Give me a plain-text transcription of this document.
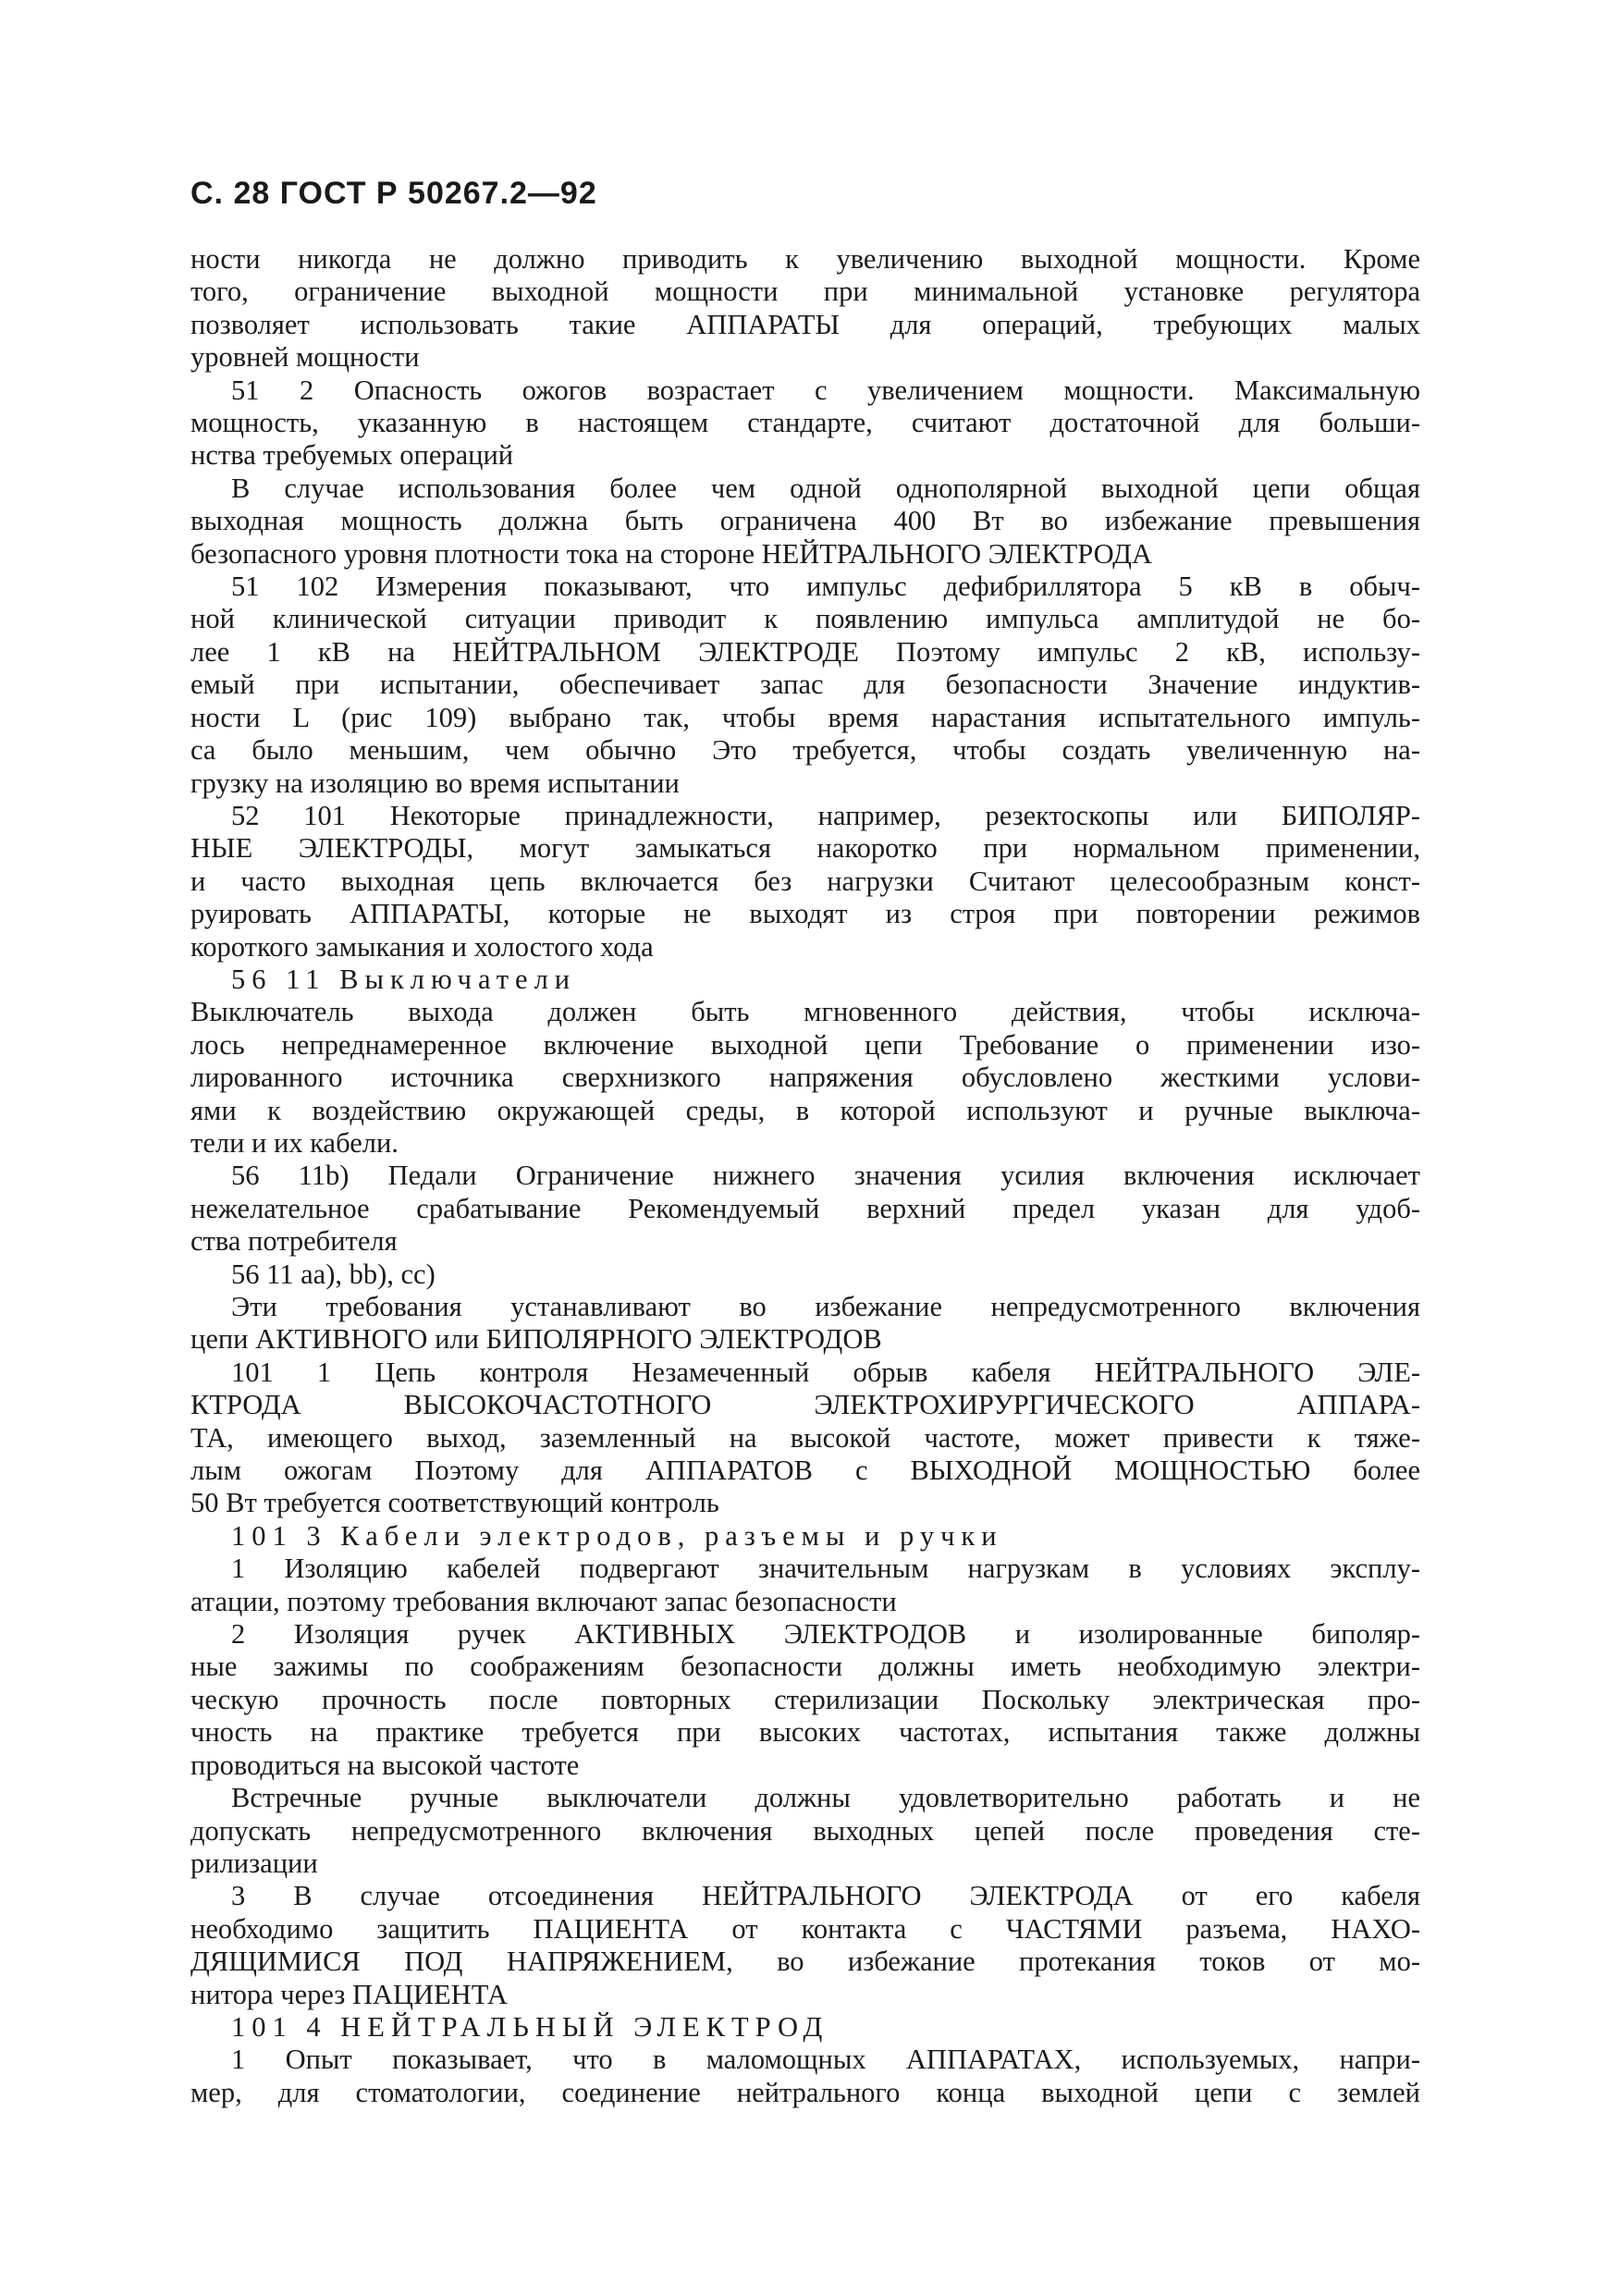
С. 28 ГОСТ Р 50267.2—92
ности никогда не должно приводить к увеличению выходной мощности. Кроме
того, ограничение выходной мощности при минимальной установке регулятора
позволяет использовать такие АППАРАТЫ для операций, требующих малых
уровней мощности
51 2 Опасность ожогов возрастает с увеличением мощности. Максимальную
мощность, указанную в настоящем стандарте, считают достаточной для больши-
нства требуемых операций
В случае использования более чем одной однополярной выходной цепи общая
выходная мощность должна быть ограничена 400 Вт во избежание превышения
безопасного уровня плотности тока на стороне НЕЙТРАЛЬНОГО ЭЛЕКТРОДА
51 102 Измерения показывают, что импульс дефибриллятора 5 кВ в обыч-
ной клинической ситуации приводит к появлению импульса амплитудой не бо-
лее 1 кВ на НЕЙТРАЛЬНОМ ЭЛЕКТРОДЕ Поэтому импульс 2 кВ, использу-
емый при испытании, обеспечивает запас для безопасности Значение индуктив-
ности L (рис 109) выбрано так, чтобы время нарастания испытательного импуль-
са было меньшим, чем обычно Это требуется, чтобы создать увеличенную на-
грузку на изоляцию во время испытании
52 101 Некоторые принадлежности, например, резектоскопы или БИПОЛЯР-
НЫЕ ЭЛЕКТРОДЫ, могут замыкаться накоротко при нормальном применении,
и часто выходная цепь включается без нагрузки Считают целесообразным конст-
руировать АППАРАТЫ, которые не выходят из строя при повторении режимов
короткого замыкания и холостого хода
56 11 Выключатели
Выключатель выхода должен быть мгновенного действия, чтобы исключа-
лось непреднамеренное включение выходной цепи Требование о применении изо-
лированного источника сверхнизкого напряжения обусловлено жесткими услови-
ями к воздействию окружающей среды, в которой используют и ручные выключа-
тели и их кабели.
56 11b) Педали Ограничение нижнего значения усилия включения исключает
нежелательное срабатывание Рекомендуемый верхний предел указан для удоб-
ства потребителя
56 11 aa), bb), cc)
Эти требования устанавливают во избежание непредусмотренного включения
цепи АКТИВНОГО или БИПОЛЯРНОГО ЭЛЕКТРОДОВ
101 1 Цепь контроля Незамеченный обрыв кабеля НЕЙТРАЛЬНОГО ЭЛЕ-
КТРОДА ВЫСОКОЧАСТОТНОГО ЭЛЕКТРОХИРУРГИЧЕСКОГО АППАРА-
ТА, имеющего выход, заземленный на высокой частоте, может привести к тяже-
лым ожогам Поэтому для АППАРАТОВ с ВЫХОДНОЙ МОЩНОСТЬЮ более
50 Вт требуется соответствующий контроль
101 3 Кабели электродов, разъемы и ручки
1 Изоляцию кабелей подвергают значительным нагрузкам в условиях эксплу-
атации, поэтому требования включают запас безопасности
2 Изоляция ручек АКТИВНЫХ ЭЛЕКТРОДОВ и изолированные биполяр-
ные зажимы по соображениям безопасности должны иметь необходимую электри-
ческую прочность после повторных стерилизации Поскольку электрическая про-
чность на практике требуется при высоких частотах, испытания также должны
проводиться на высокой частоте
Встречные ручные выключатели должны удовлетворительно работать и не
допускать непредусмотренного включения выходных цепей после проведения сте-
рилизации
3 В случае отсоединения НЕЙТРАЛЬНОГО ЭЛЕКТРОДА от его кабеля
необходимо защитить ПАЦИЕНТА от контакта с ЧАСТЯМИ разъема, НАХО-
ДЯЩИМИСЯ ПОД НАПРЯЖЕНИЕМ, во избежание протекания токов от мо-
нитора через ПАЦИЕНТА
101 4 НЕЙТРАЛЬНЫЙ ЭЛЕКТРОД
1 Опыт показывает, что в маломощных АППАРАТАХ, используемых, напри-
мер, для стоматологии, соединение нейтрального конца выходной цепи с землей
